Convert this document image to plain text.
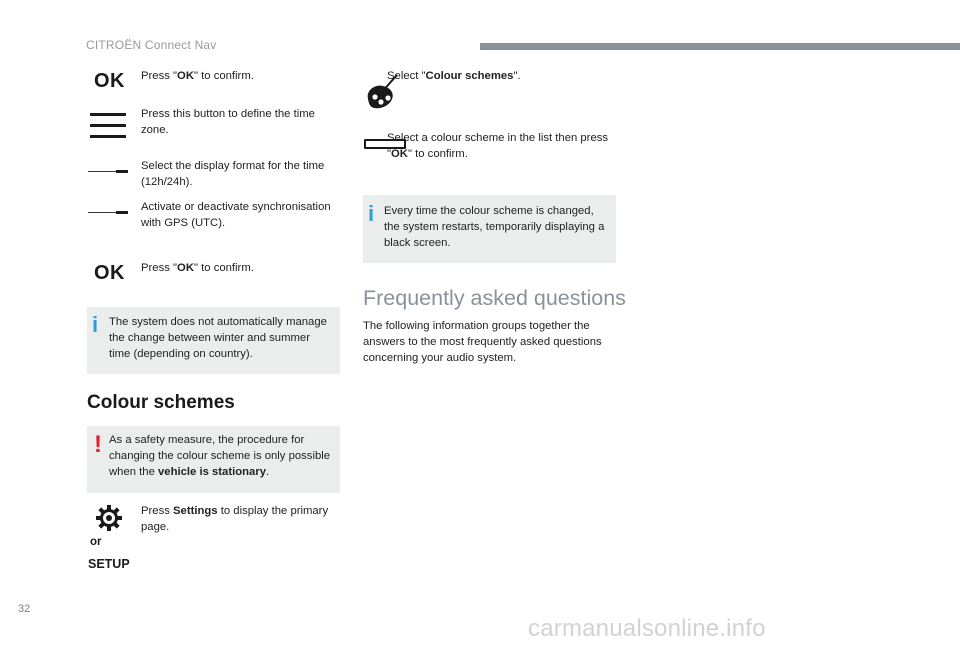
CITROËN Connect Nav
OK Press "OK" to confirm.
Press this button to define the time zone.
Select the display format for the time (12h/24h).
Activate or deactivate synchronisation with GPS (UTC).
OK Press "OK" to confirm.
i The system does not automatically manage the change between winter and summer time (depending on country).
Colour schemes
! As a safety measure, the procedure for changing the colour scheme is only possible when the vehicle is stationary.
or
SETUP
Press Settings to display the primary page.
Select "Colour schemes".
Select a colour scheme in the list then press "OK" to confirm.
i Every time the colour scheme is changed, the system restarts, temporarily displaying a black screen.
Frequently asked questions
The following information groups together the answers to the most frequently asked questions concerning your audio system.
32
carmanualsonline.info
